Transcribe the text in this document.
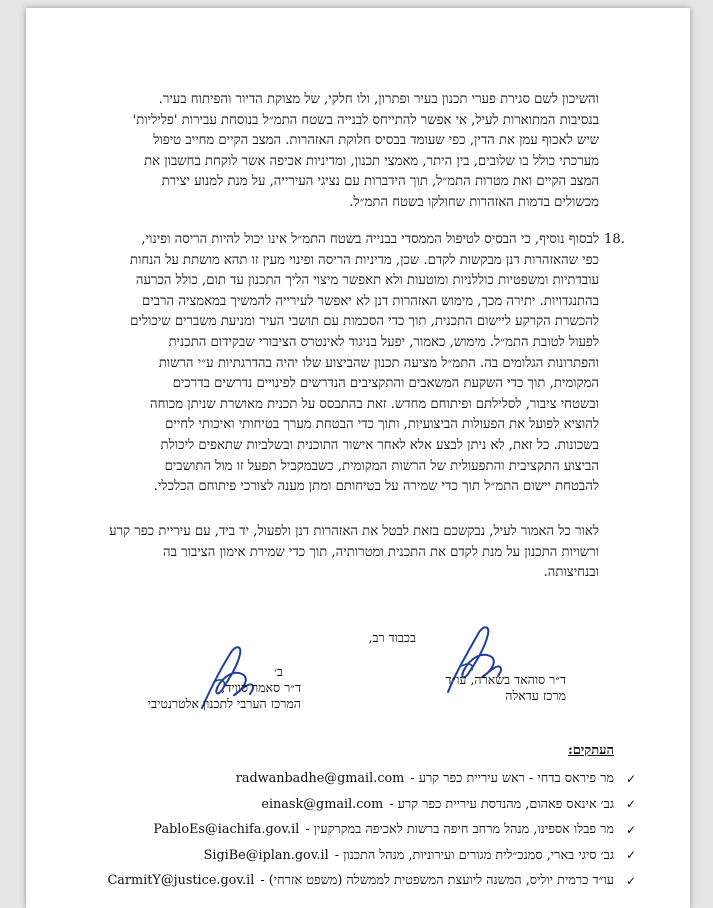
והשיכון לשם סגירת פערי תכנון בעיר ופתרון, ולו חלקי, של מצוקת הדיור והפיתוח בעיר.
בנסיבות המתוארות לעיל, אי אפשר להתייחס לבנייה בשטח התמ״ל בנוסחת עבירות 'פליליות'
שיש לאכוף עמן את הדין, כפי שעומד בבסיס חלוקת האזהרות. המצב הקיים מחייב טיפול
מערכתי כולל בו שלובים, בין היתר, מאמצי תכנון, ומדיניות אכיפה אשר לוקחת בחשבון את
המצב הקיים ואת מטרות התמ״ל, תוך הידברות עם נציגי העירייה, על מנת למנוע יצירת
מכשולים בדמות האזהרות שחולקו בשטח התמ״ל.
18.
לבסוף נוסיף, כי הבסיס לטיפול הממסדי בבנייה בשטח התמ״ל אינו יכול להיות הריסה ופינוי,
כפי שהאזהרות דנן מבקשות לקדם. שכן, מדיניות הריסה ופינוי מעין זו תהא מושתת על הנחות
עובדתיות ומשפטיות כוללניות ומוטעות ולא תאפשר מיצוי הליך התכנון עד תום, כולל הכרעה
בהתנגדויות. יתירה מכך, מימוש האזהרות דנן לא יאפשר לעירייה להמשיך במאמציה הרבים
להכשרת הקרקע ליישום התכנית, תוך כדי הסכמות עם תושבי העיר ומניעת משברים שיכולים
לפעול לטובת התמ״ל. מימוש, כאמור, יפעל בניגוד לאינטרס הציבורי שבקידום התכנית
והפתרונות הגלומים בה. התמ״ל מציעה תכנון שהביצוע שלו יהיה בהדרגתיות ע״י הרשות
המקומית, תוך כדי השקעת המשאבים והתקציבים הנדרשים לפינויים נדרשים בדרכים
ובשטחי ציבור, לסלילתם ופיתוחם מחדש. זאת בהתבסס על תכנית מאושרת שניתן מכוחה
להוציא לפועל את הפעולות הביצועיות, ותוך כדי הבטחת מערך בטיחותי ואיכותי לחיים
בשכונות. כל זאת, לא ניתן לבצע אלא לאחר אישור התוכנית ובשלביות שתאפים ליכולת
הביצוע התקציבית והתפעולית של הרשות המקומית, כשבמקביל תפעל זו מול התושבים
להבטחת יישום התמ״ל תוך כדי שמירה על בטיחותם ומתן מענה לצורכי פיתוחם הכלכלי.
לאור כל האמור לעיל, נבקשכם בזאת לבטל את האזהרות דנן ולפעול, יד ביד, עם עיריית כפר קרע
ורשויות התכנון על מנת לקדם את התכנית ומטרותיה, תוך כדי שמירת אימון הציבור בה
ובנחיצותה.
בכבוד רב,
ד״ר סוהאד בשארה, עו״ד
מרכז עדאלה
ב׳
ד״ר סאמר סוויד,
המרכז הערבי לתכנון אלטרנטיבי
העתקים:
✓
מר פיראס בדחי - ראש עיריית כפר קרע -
radwanbadhe@gmail.com
✓
גב׳ אינאס פאהום, מהנדסת עיריית כפר קרע -
einask@gmail.com
✓
מר פבלו אספינו, מנהל מרחב חיפה ברשות לאכיפה במקרקעין -
PabloEs@iachifa.gov.il
✓
גב׳ סיגי בארי, סמנכ״לית מגורים ועירוניות, מנהל התכנון -
SigiBe@iplan.gov.il
✓
עו״ד כרמית יוליס, המשנה ליועצת המשפטית לממשלה (משפט אזרחי) -
CarmitY@justice.gov.il
